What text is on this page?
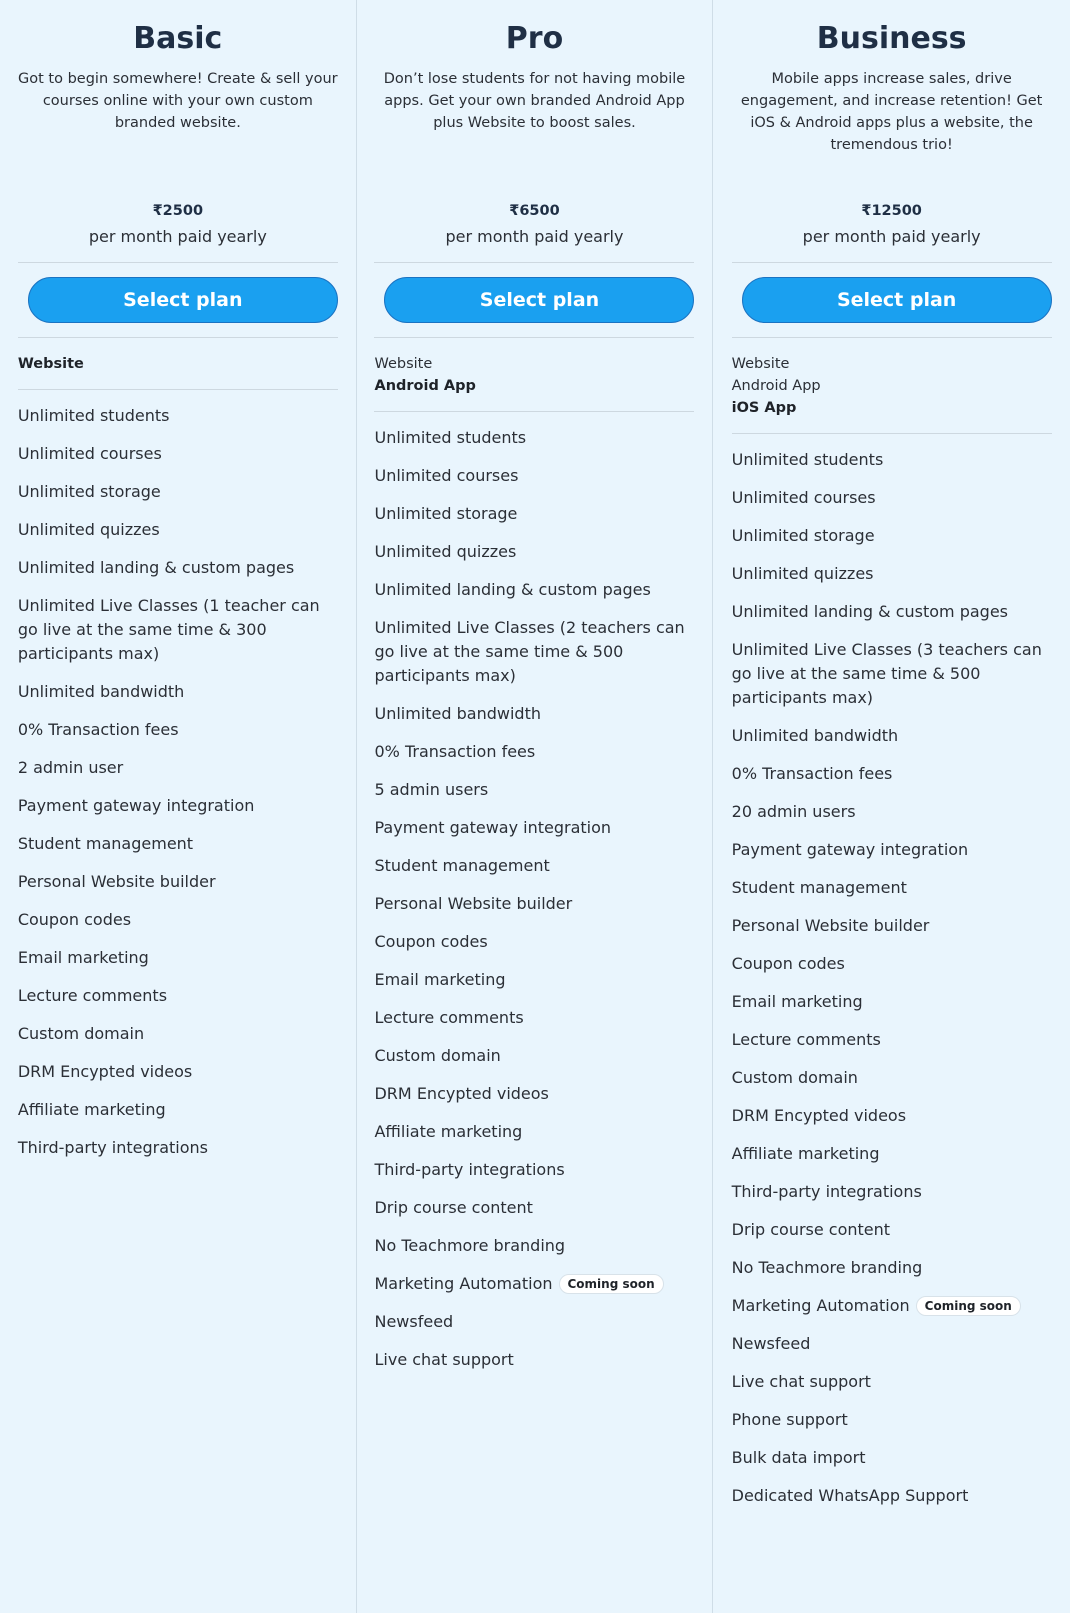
Basic
Got to begin somewhere! Create & sell your courses online with your own custom branded website.
₹2500
per month paid yearly
Select plan
Website
Unlimited students
Unlimited courses
Unlimited storage
Unlimited quizzes
Unlimited landing & custom pages
Unlimited Live Classes (1 teacher can go live at the same time & 300 participants max)
Unlimited bandwidth
0% Transaction fees
2 admin user
Payment gateway integration
Student management
Personal Website builder
Coupon codes
Email marketing
Lecture comments
Custom domain
DRM Encypted videos
Affiliate marketing
Third-party integrations
Pro
Don’t lose students for not having mobile apps. Get your own branded Android App plus Website to boost sales.
₹6500
per month paid yearly
Select plan
Website
Android App
Unlimited students
Unlimited courses
Unlimited storage
Unlimited quizzes
Unlimited landing & custom pages
Unlimited Live Classes (2 teachers can go live at the same time & 500 participants max)
Unlimited bandwidth
0% Transaction fees
5 admin users
Payment gateway integration
Student management
Personal Website builder
Coupon codes
Email marketing
Lecture comments
Custom domain
DRM Encypted videos
Affiliate marketing
Third-party integrations
Drip course content
No Teachmore branding
Marketing Automation Coming soon
Newsfeed
Live chat support
Business
Mobile apps increase sales, drive engagement, and increase retention! Get iOS & Android apps plus a website, the tremendous trio!
₹12500
per month paid yearly
Select plan
Website
Android App
iOS App
Unlimited students
Unlimited courses
Unlimited storage
Unlimited quizzes
Unlimited landing & custom pages
Unlimited Live Classes (3 teachers can go live at the same time & 500 participants max)
Unlimited bandwidth
0% Transaction fees
20 admin users
Payment gateway integration
Student management
Personal Website builder
Coupon codes
Email marketing
Lecture comments
Custom domain
DRM Encypted videos
Affiliate marketing
Third-party integrations
Drip course content
No Teachmore branding
Marketing Automation Coming soon
Newsfeed
Live chat support
Phone support
Bulk data import
Dedicated WhatsApp Support
